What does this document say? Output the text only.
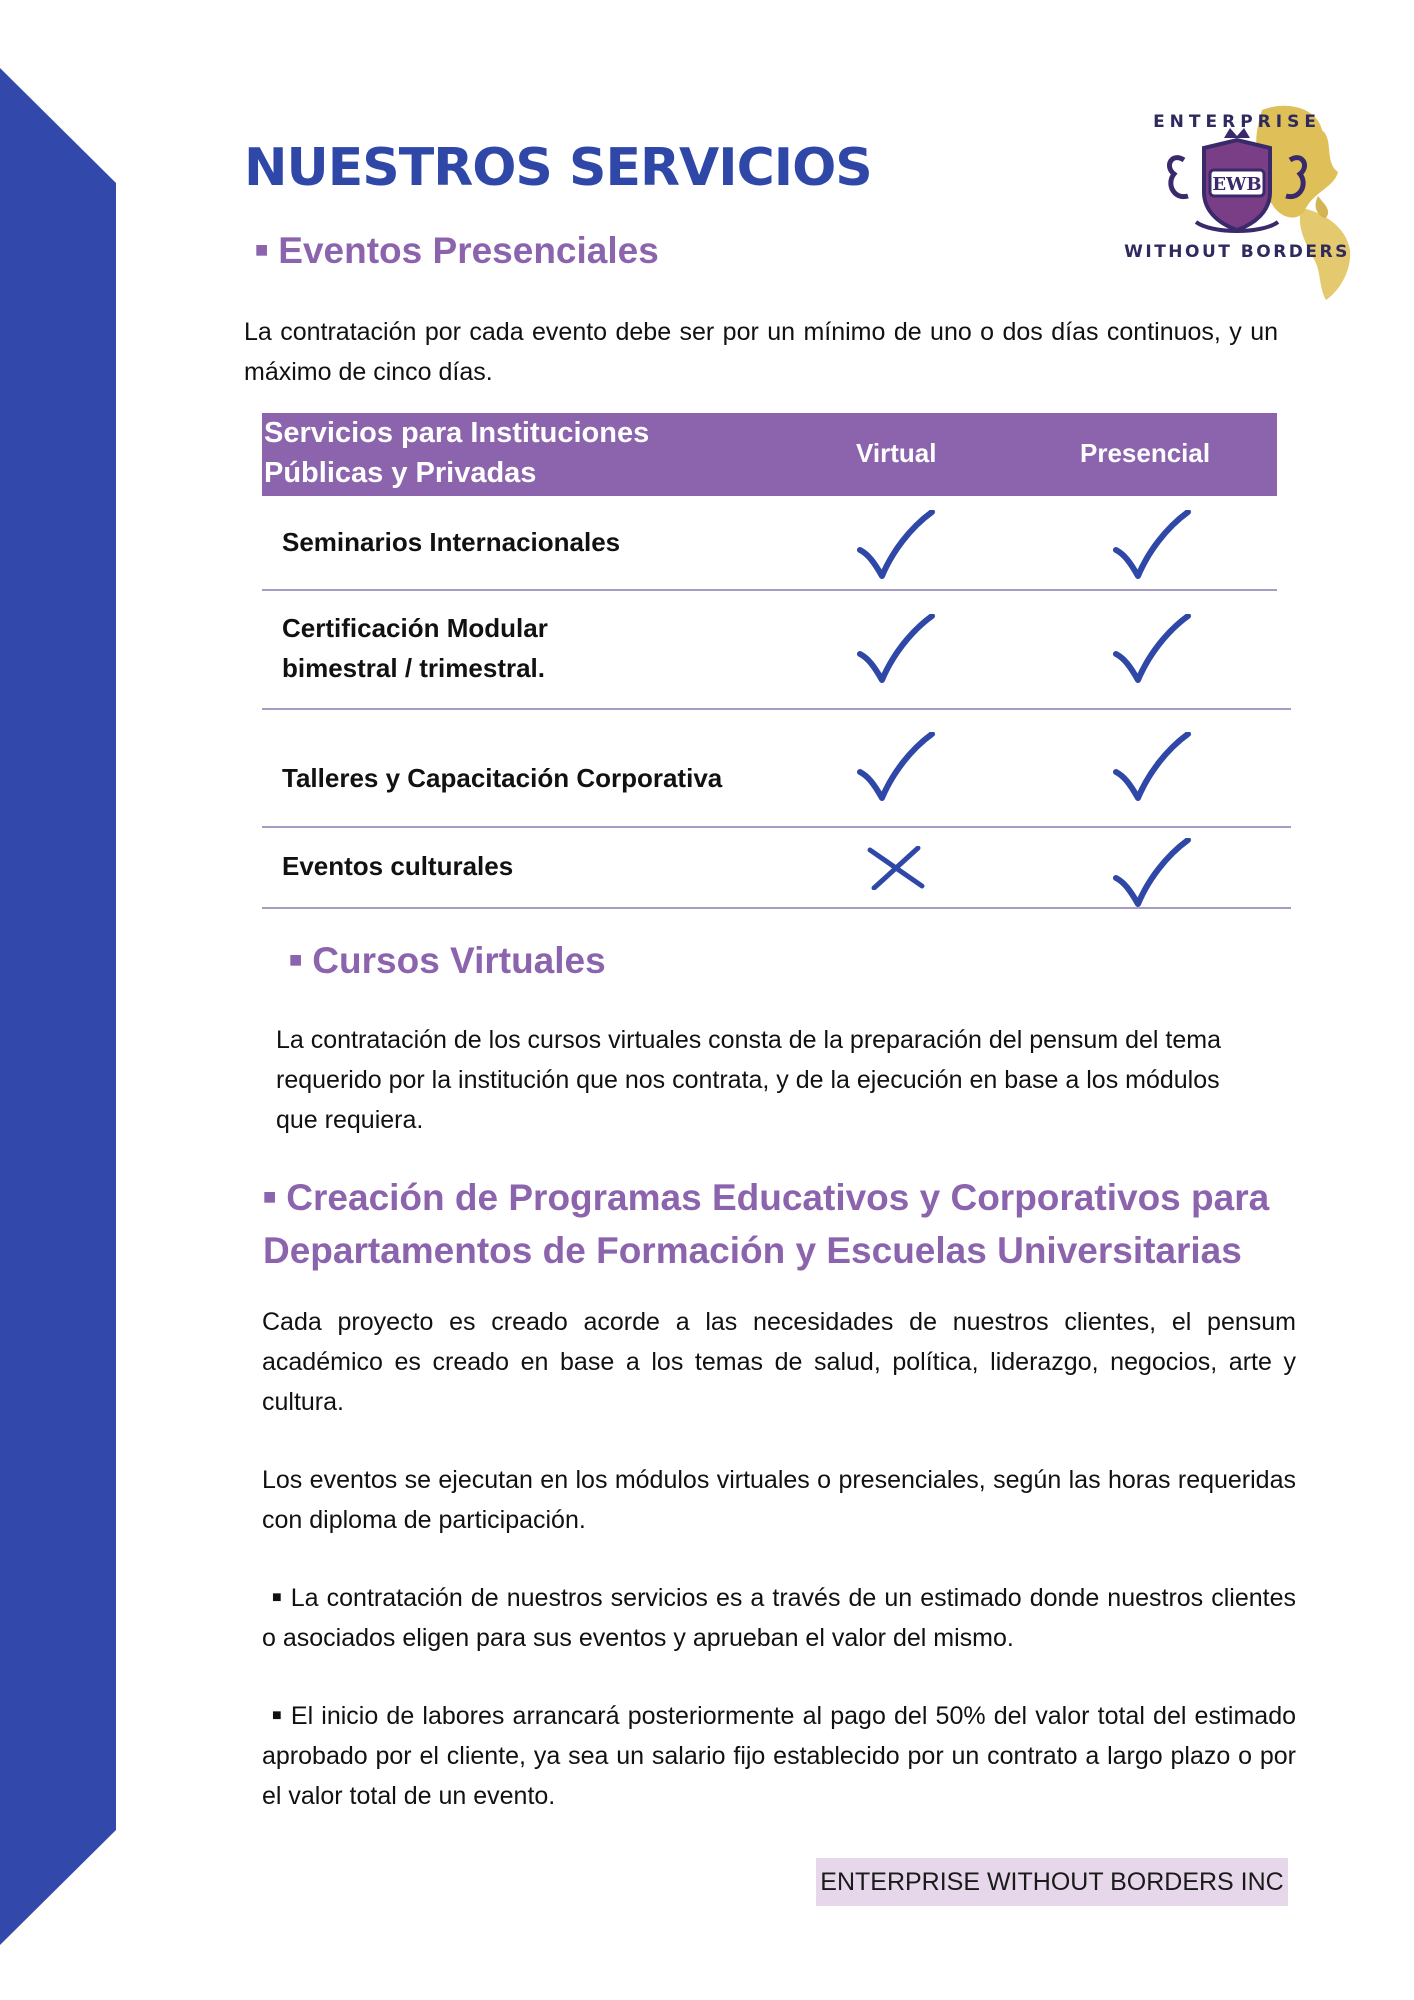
EWB
ENTERPRISE
WITHOUT BORDERS
NUESTROS SERVICIOS
■ Eventos Presenciales

La contratación por cada evento debe ser por un mínimo de uno o dos días continuos, y un máximo de cinco días.

Servicios para Instituciones
Públicas y Privadas
Virtual	Presencial
Seminarios Internacionales
Certificación Modular
bimestral / trimestral.
Talleres y Capacitación Corporativa
Eventos culturales
■ Cursos Virtuales

La contratación de los cursos virtuales consta de la preparación del pensum del tema
requerido por la institución que nos contrata, y de la ejecución en base a los módulos
que requiera.

■ Creación de Programas Educativos y Corporativos para
Departamentos de Formación y Escuelas Universitarias

Cada proyecto es creado acorde a las necesidades de nuestros clientes, el pensum académico es creado en base a los temas de salud, política, liderazgo, negocios, arte y cultura.

Los eventos se ejecutan en los módulos virtuales o presenciales, según las horas requeridas con diploma de participación.

■ La contratación de nuestros servicios es a través de un estimado donde nuestros clientes o asociados eligen para sus eventos y aprueban el valor del mismo.

■ El inicio de labores arrancará posteriormente al pago del 50% del valor total del estimado aprobado por el cliente, ya sea un salario fijo establecido por un contrato a largo plazo o por el valor total de un evento.

ENTERPRISE WITHOUT BORDERS INC
